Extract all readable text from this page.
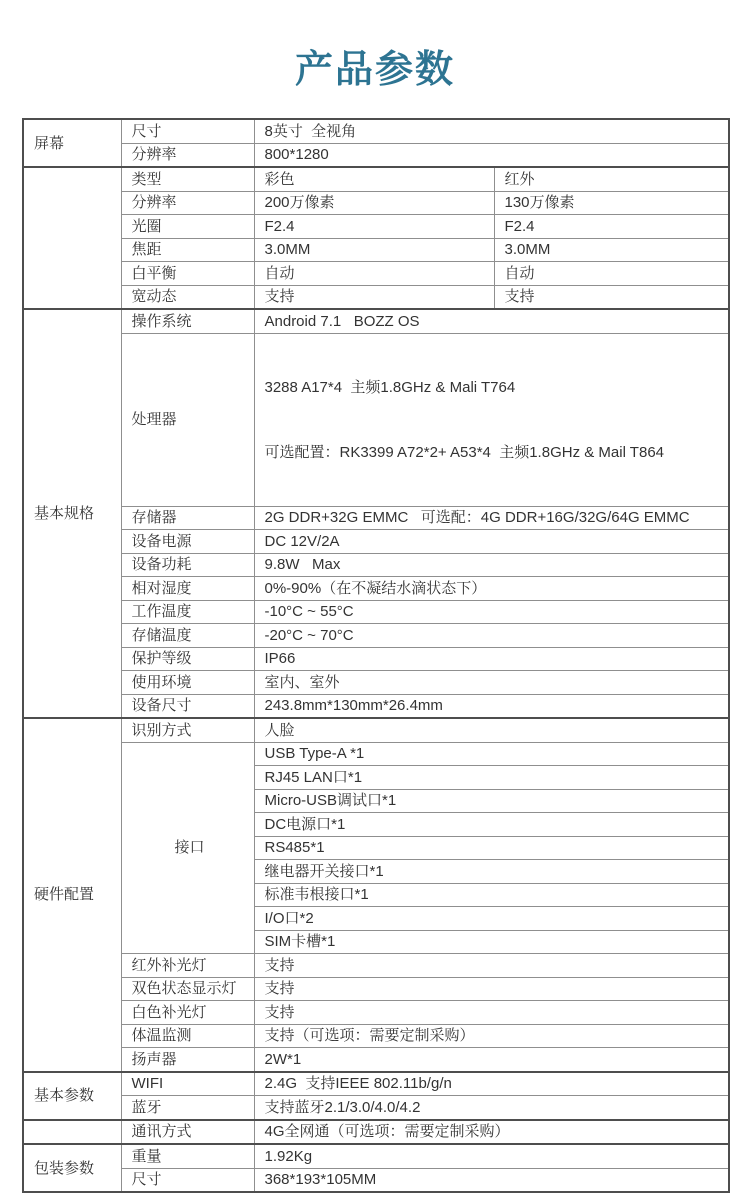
产品参数
屏幕	尺寸	8英寸  全视角	
	分辨率	800*1280	
	类型	彩色	红外
	分辨率	200万像素	130万像素
	光圈	F2.4	F2.4
	焦距	3.0MM	3.0MM
	白平衡	自动	自动
	宽动态	支持	支持
基本规格	操作系统	Android 7.1   BOZZ OS	
	处理器	3288 A17*4  主频1.8GHz & Mali T764

可选配置：RK3399 A72*2+ A53*4  主频1.8GHz & Mail T864	

	存储器	2G DDR+32G EMMC   可选配：4G DDR+16G/32G/64G EMMC	
	设备电源	DC 12V/2A	
	设备功耗	9.8W   Max	
	相对湿度	0%-90%（在不凝结水滴状态下）	
	工作温度	-10°C ~ 55°C	
	存储温度	-20°C ~ 70°C	
	保护等级	IP66	
	使用环境	室内、室外	
	设备尺寸	243.8mm*130mm*26.4mm	
硬件配置	识别方式	人脸	
	接口	USB Type-A *1	
		RJ45 LAN口*1	
		Micro-USB调试口*1	
		DC电源口*1	
		RS485*1	
		继电器开关接口*1	
		标准韦根接口*1	
		I/O口*2	
		SIM卡槽*1	
	红外补光灯	支持	
	双色状态显示灯	支持	
	白色补光灯	支持	
	体温监测	支持（可选项：需要定制采购）	
	扬声器	2W*1	
基本参数	WIFI	2.4G  支持IEEE 802.11b/g/n	
	蓝牙	支持蓝牙2.1/3.0/4.0/4.2	
	通讯方式	4G全网通（可选项：需要定制采购）	
包装参数	重量	1.92Kg	
	尺寸	368*193*105MM	
